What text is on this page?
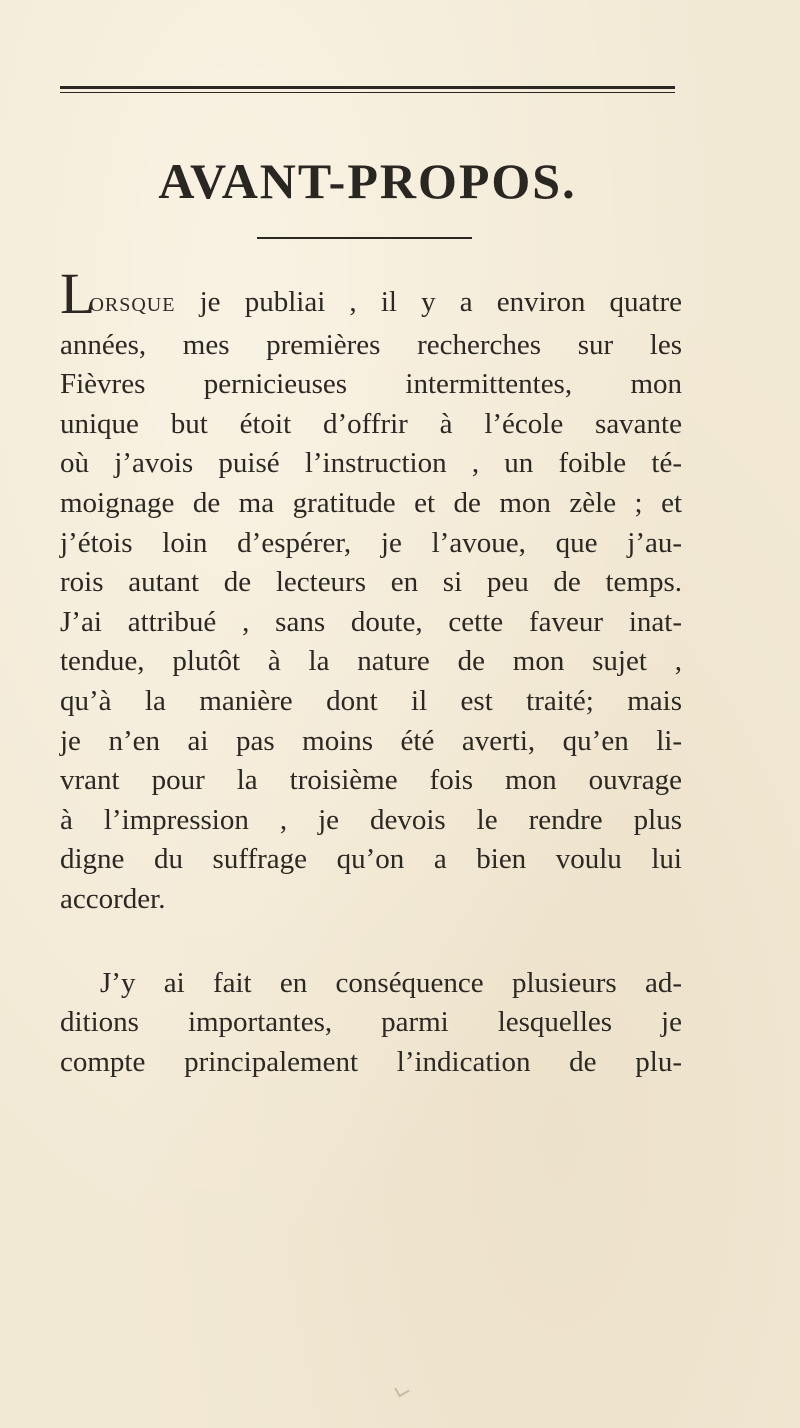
AVANT-PROPOS.
LORSQUE je publiai , il y a environ quatre
années, mes premières recherches sur les
Fièvres pernicieuses intermittentes, mon
unique but étoit d’offrir à l’école savante
où j’avois puisé l’instruction , un foible té-
moignage de ma gratitude et de mon zèle ; et
j’étois loin d’espérer, je l’avoue, que j’au-
rois autant de lecteurs en si peu de temps.
J’ai attribué , sans doute, cette faveur inat-
tendue, plutôt à la nature de mon sujet ,
qu’à la manière dont il est traité; mais
je n’en ai pas moins été averti, qu’en li-
vrant pour la troisième fois mon ouvrage
à l’impression , je devois le rendre plus
digne du suffrage qu’on a bien voulu lui
accorder.
J’y ai fait en conséquence plusieurs ad-
ditions importantes, parmi lesquelles je
compte principalement l’indication de plu-
